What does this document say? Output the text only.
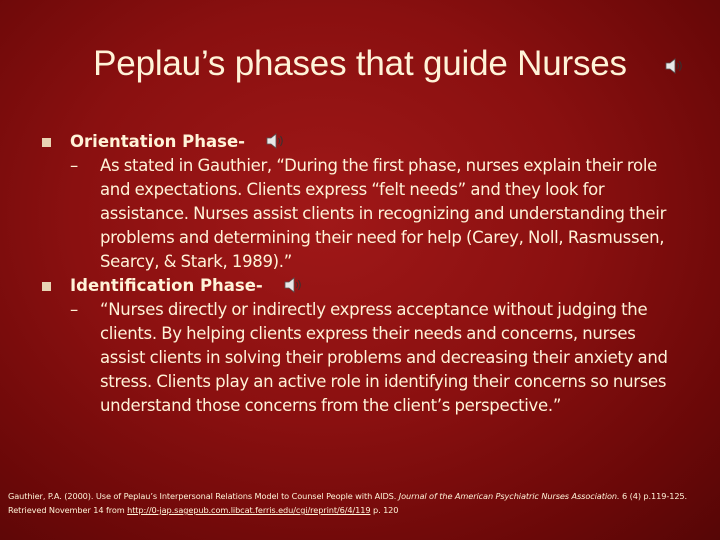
Peplau’s phases that guide Nurses
Orientation Phase-
– As stated in Gauthier, “During the first phase, nurses explain their role and expectations. Clients express “felt needs” and they look for assistance. Nurses assist clients in recognizing and understanding their problems and determining their need for help (Carey, Noll, Rasmussen, Searcy, & Stark, 1989).”
Identification Phase-
– “Nurses directly or indirectly express acceptance without judging the clients. By helping clients express their needs and concerns, nurses assist clients in solving their problems and decreasing their anxiety and stress. Clients play an active role in identifying their concerns so nurses understand those concerns from the client’s perspective.”
Gauthier, P.A. (2000). Use of Peplau’s Interpersonal Relations Model to Counsel People with AIDS. Journal of the American Psychiatric Nurses Association. 6 (4) p.119-125. Retrieved November 14 from http://0-jap.sagepub.com.libcat.ferris.edu/cgi/reprint/6/4/119 p. 120
